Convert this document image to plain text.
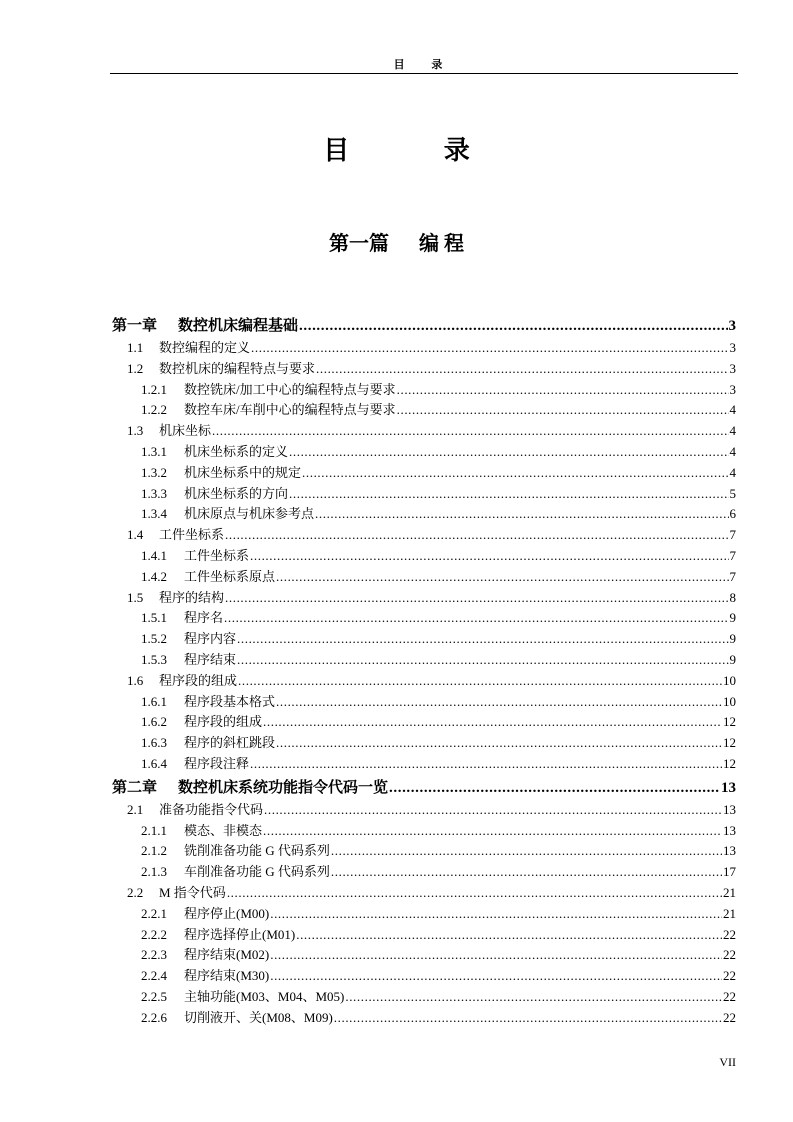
目 录
目 录
第一篇 编 程
第一章 数控机床编程基础 .....	3
1.1 数控编程的定义 .....	3
1.2 数控机床的编程特点与要求 .....	3
1.2.1 数控铣床/加工中心的编程特点与要求 .....	3
1.2.2 数控车床/车削中心的编程特点与要求 .....	4
1.3 机床坐标 .....	4
1.3.1 机床坐标系的定义 .....	4
1.3.2 机床坐标系中的规定 .....	4
1.3.3 机床坐标系的方向 .....	5
1.3.4 机床原点与机床参考点 .....	6
1.4 工件坐标系 .....	7
1.4.1 工件坐标系 .....	7
1.4.2 工件坐标系原点 .....	7
1.5 程序的结构 .....	8
1.5.1 程序名 .....	9
1.5.2 程序内容 .....	9
1.5.3 程序结束 .....	9
1.6 程序段的组成 .....	10
1.6.1 程序段基本格式 .....	10
1.6.2 程序段的组成 .....	12
1.6.3 程序的斜杠跳段 .....	12
1.6.4 程序段注释 .....	12
第二章 数控机床系统功能指令代码一览 .....	13
2.1 准备功能指令代码 .....	13
2.1.1 模态、非模态 .....	13
2.1.2 铣削准备功能 G 代码系列 .....	13
2.1.3 车削准备功能 G 代码系列 .....	17
2.2 M 指令代码 .....	21
2.2.1 程序停止(M00) .....	21
2.2.2 程序选择停止(M01) .....	22
2.2.3 程序结束(M02) .....	22
2.2.4 程序结束(M30) .....	22
2.2.5 主轴功能(M03、M04、M05) .....	22
2.2.6 切削液开、关(M08、M09) .....	22
VII
